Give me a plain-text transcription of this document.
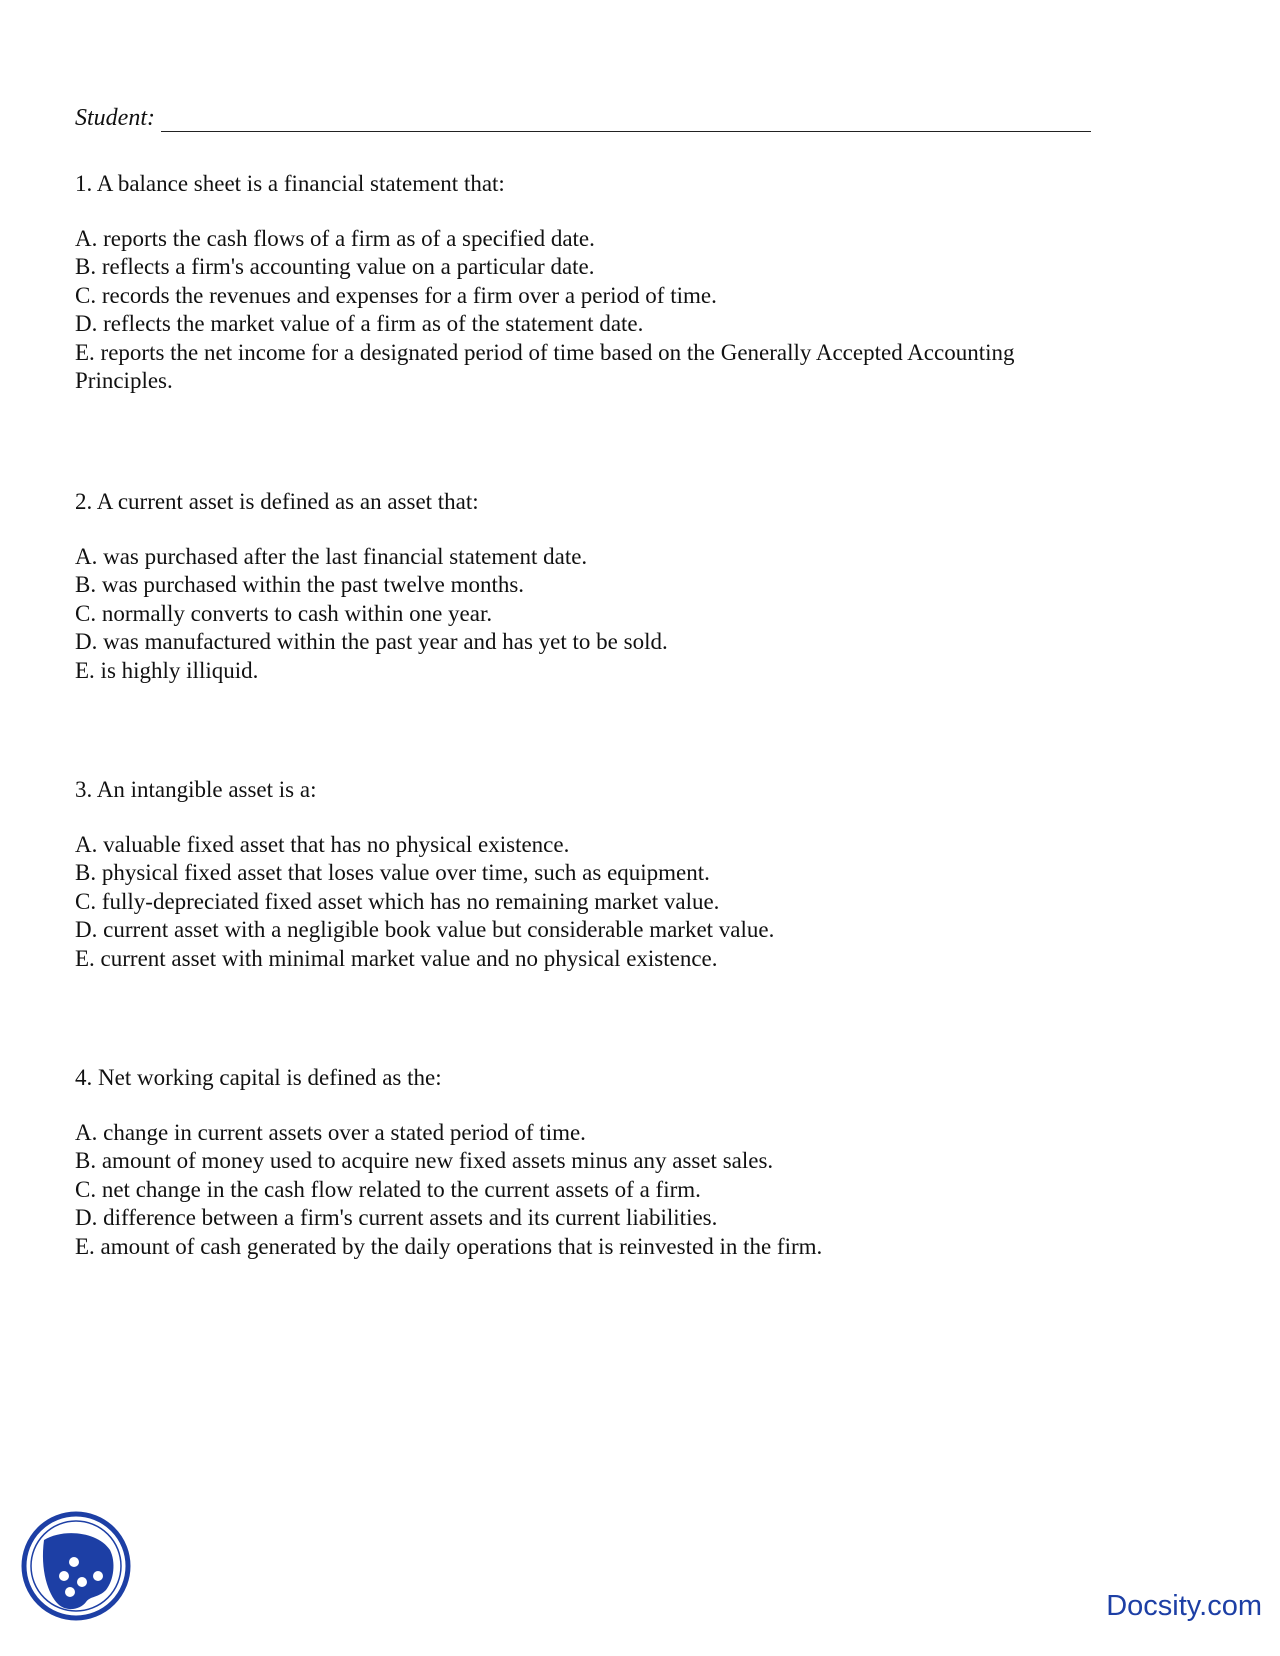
Student:

1. A balance sheet is a financial statement that:

A. reports the cash flows of a firm as of a specified date.

B. reflects a firm's accounting value on a particular date.

C. records the revenues and expenses for a firm over a period of time.

D. reflects the market value of a firm as of the statement date.

E. reports the net income for a designated period of time based on the Generally Accepted Accounting Principles.

2. A current asset is defined as an asset that:

A. was purchased after the last financial statement date.

B. was purchased within the past twelve months.

C. normally converts to cash within one year.

D. was manufactured within the past year and has yet to be sold.

E. is highly illiquid.

3. An intangible asset is a:

A. valuable fixed asset that has no physical existence.

B. physical fixed asset that loses value over time, such as equipment.

C. fully-depreciated fixed asset which has no remaining market value.

D. current asset with a negligible book value but considerable market value.

E. current asset with minimal market value and no physical existence.

4. Net working capital is defined as the:

A. change in current assets over a stated period of time.

B. amount of money used to acquire new fixed assets minus any asset sales.

C. net change in the cash flow related to the current assets of a firm.

D. difference between a firm's current assets and its current liabilities.

E. amount of cash generated by the daily operations that is reinvested in the firm.

Docsity.com
